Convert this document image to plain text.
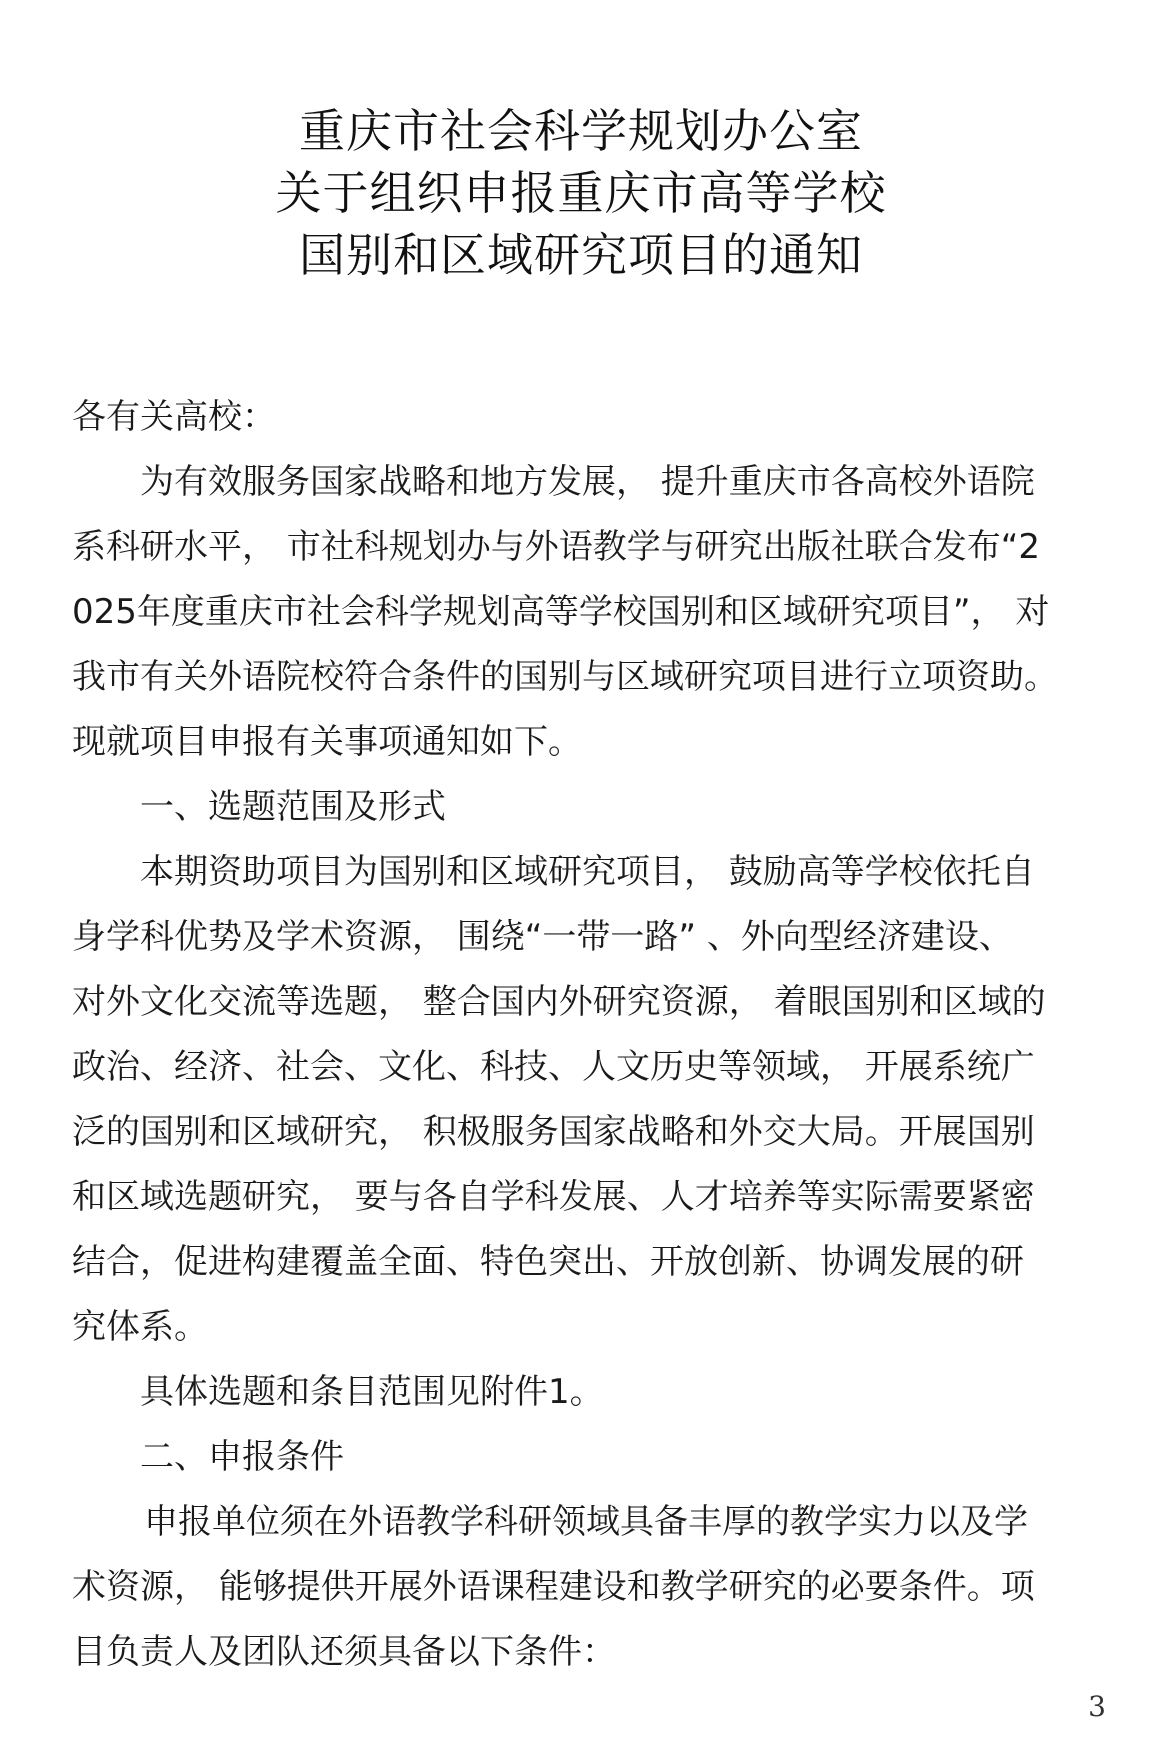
重庆市社会科学规划办公室

关于组织申报重庆市高等学校

国别和区域研究项目的通知

各有关高校：

为有效服务国家战略和地方发展， 提升重庆市各高校外语院

系科研水平， 市社科规划办与外语教学与研究出版社联合发布“2

025年度重庆市社会科学规划高等学校国别和区域研究项目”， 对

我市有关外语院校符合条件的国别与区域研究项目进行立项资助。

现就项目申报有关事项通知如下。

一、选题范围及形式

本期资助项目为国别和区域研究项目， 鼓励高等学校依托自

身学科优势及学术资源， 围绕“一带一路” 、外向型经济建设、

对外文化交流等选题， 整合国内外研究资源， 着眼国别和区域的

政治、经济、社会、文化、科技、人文历史等领域， 开展系统广

泛的国别和区域研究， 积极服务国家战略和外交大局。开展国别

和区域选题研究， 要与各自学科发展、人才培养等实际需要紧密

结合，促进构建覆盖全面、特色突出、开放创新、协调发展的研

究体系。

具体选题和条目范围见附件1。

二、申报条件

申报单位须在外语教学科研领域具备丰厚的教学实力以及学

术资源， 能够提供开展外语课程建设和教学研究的必要条件。项

目负责人及团队还须具备以下条件：

3
